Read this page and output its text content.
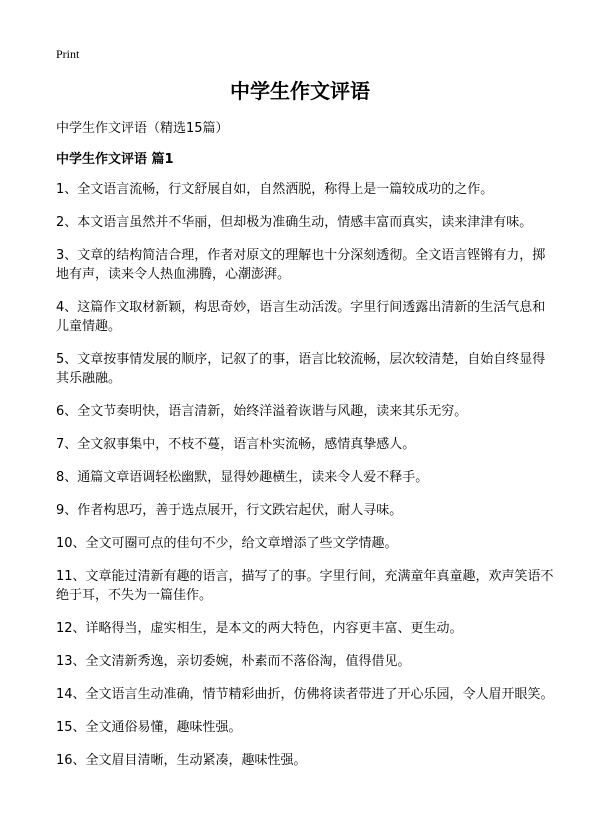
Print
中学生作文评语
中学生作文评语（精选15篇）
中学生作文评语 篇1
1、全文语言流畅，行文舒展自如，自然洒脱，称得上是一篇较成功的之作。
2、本文语言虽然并不华丽，但却极为准确生动，情感丰富而真实，读来津津有味。
3、文章的结构简洁合理，作者对原文的理解也十分深刻透彻。全文语言铿锵有力，掷地有声，读来令人热血沸腾，心潮澎湃。
4、这篇作文取材新颖，构思奇妙，语言生动活泼。字里行间透露出清新的生活气息和儿童情趣。
5、文章按事情发展的顺序，记叙了的事，语言比较流畅，层次较清楚，自始自终显得其乐融融。
6、全文节奏明快，语言清新，始终洋溢着诙谐与风趣，读来其乐无穷。
7、全文叙事集中，不枝不蔓，语言朴实流畅，感情真挚感人。
8、通篇文章语调轻松幽默，显得妙趣横生，读来令人爱不释手。
9、作者构思巧，善于选点展开，行文跌宕起伏，耐人寻味。
10、全文可圈可点的佳句不少，给文章增添了些文学情趣。
11、文章能过清新有趣的语言，描写了的事。字里行间，充满童年真童趣，欢声笑语不绝于耳，不失为一篇佳作。
12、详略得当，虚实相生，是本文的两大特色，内容更丰富、更生动。
13、全文清新秀逸，亲切委婉，朴素而不落俗淘，值得借见。
14、全文语言生动准确，情节精彩曲折，仿佛将读者带进了开心乐园，令人眉开眼笑。
15、全文通俗易懂，趣味性强。
16、全文眉目清晰，生动紧凑，趣味性强。
